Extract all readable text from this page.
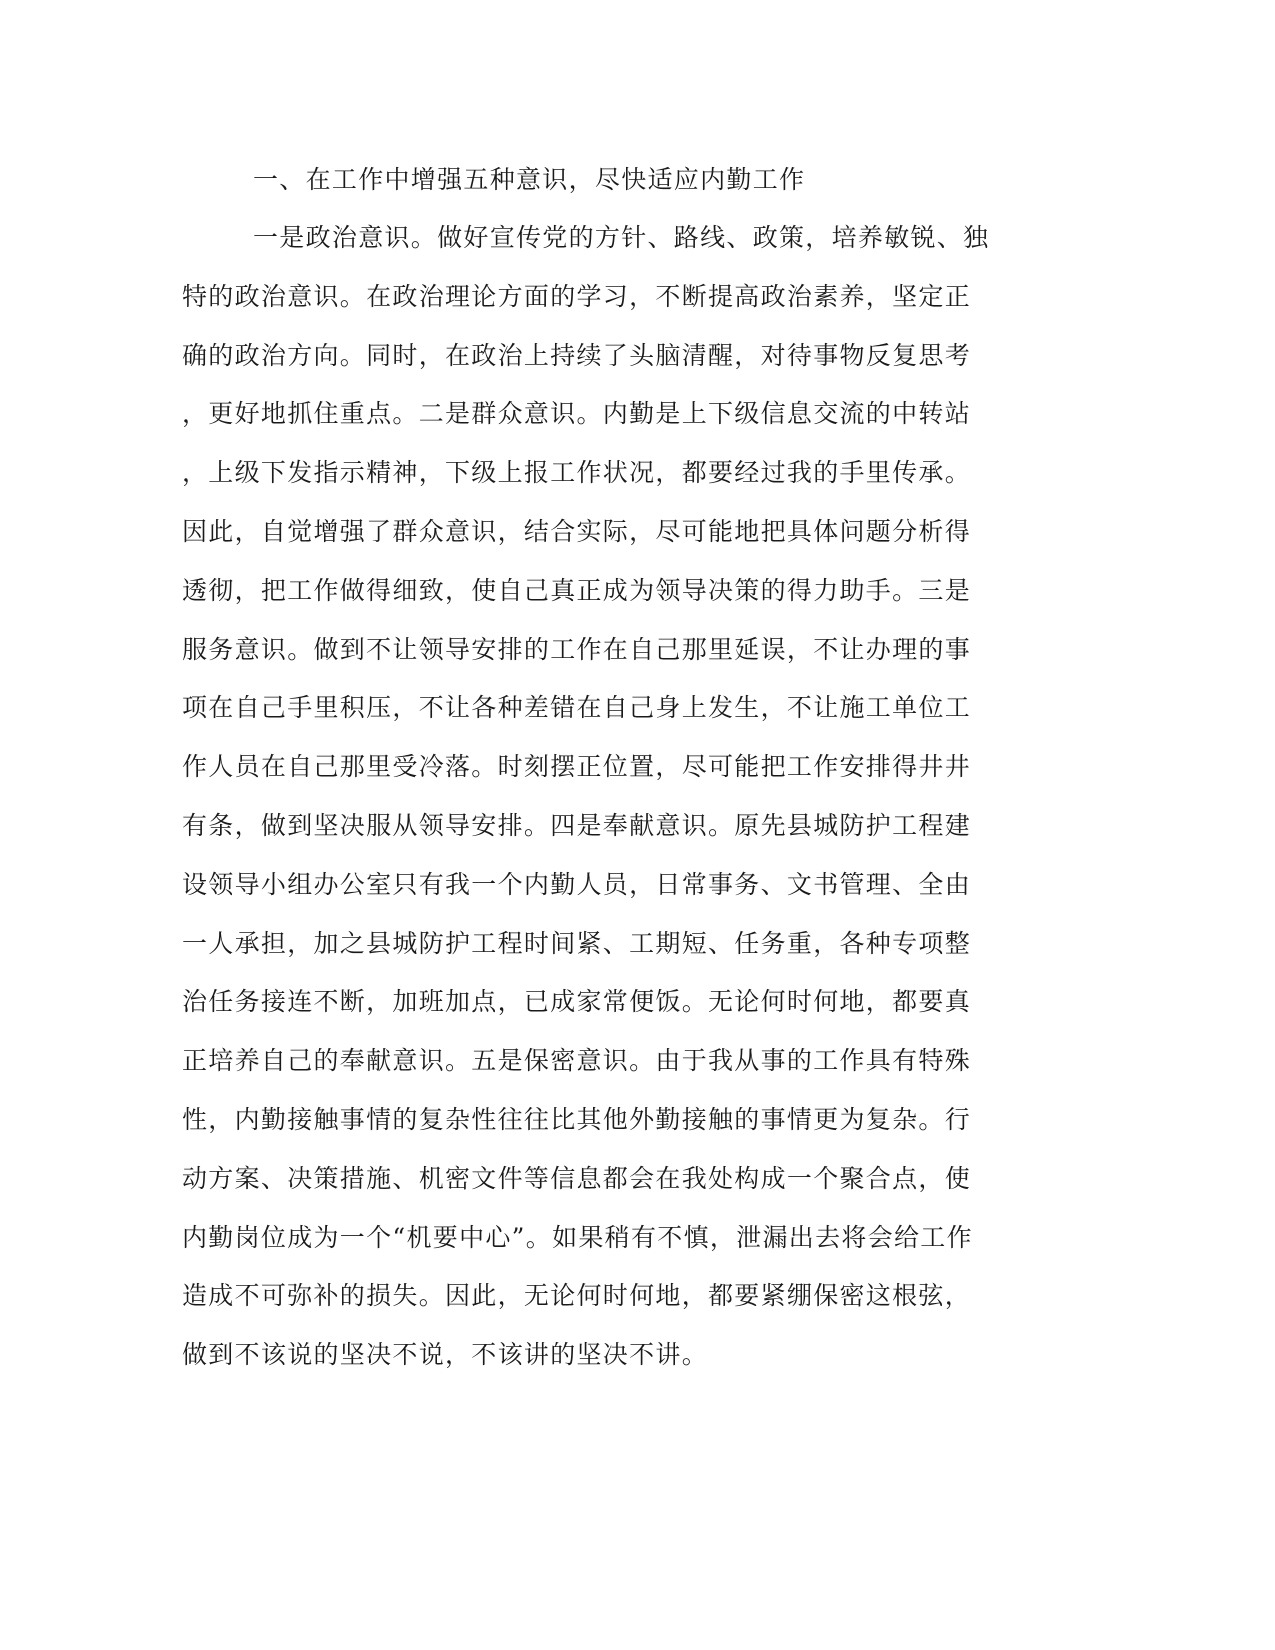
一、在工作中增强五种意识，尽快适应内勤工作
一是政治意识。做好宣传党的方针、路线、政策，培养敏锐、独
特的政治意识。在政治理论方面的学习，不断提高政治素养，坚定正
确的政治方向。同时，在政治上持续了头脑清醒，对待事物反复思考
，更好地抓住重点。二是群众意识。内勤是上下级信息交流的中转站
，上级下发指示精神，下级上报工作状况，都要经过我的手里传承。
因此，自觉增强了群众意识，结合实际，尽可能地把具体问题分析得
透彻，把工作做得细致，使自己真正成为领导决策的得力助手。三是
服务意识。做到不让领导安排的工作在自己那里延误，不让办理的事
项在自己手里积压，不让各种差错在自己身上发生，不让施工单位工
作人员在自己那里受冷落。时刻摆正位置，尽可能把工作安排得井井
有条，做到坚决服从领导安排。四是奉献意识。原先县城防护工程建
设领导小组办公室只有我一个内勤人员，日常事务、文书管理、全由
一人承担，加之县城防护工程时间紧、工期短、任务重，各种专项整
治任务接连不断，加班加点，已成家常便饭。无论何时何地，都要真
正培养自己的奉献意识。五是保密意识。由于我从事的工作具有特殊
性，内勤接触事情的复杂性往往比其他外勤接触的事情更为复杂。行
动方案、决策措施、机密文件等信息都会在我处构成一个聚合点，使
内勤岗位成为一个“机要中心”。如果稍有不慎，泄漏出去将会给工作
造成不可弥补的损失。因此，无论何时何地，都要紧绷保密这根弦，
做到不该说的坚决不说，不该讲的坚决不讲。
